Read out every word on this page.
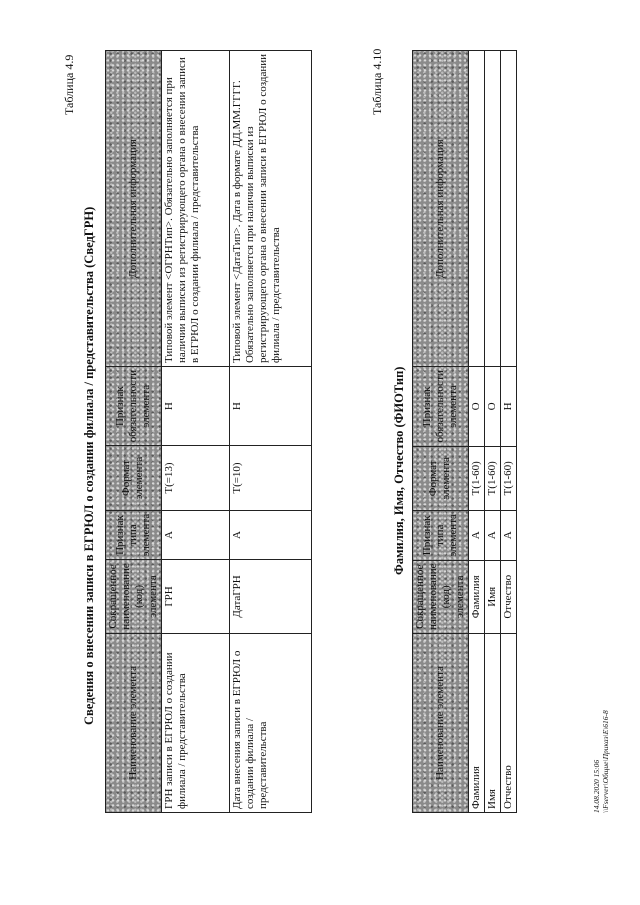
Таблица 4.9
Сведения о внесении записи в ЕГРЮЛ о создании филиала / представительства (СведГРН)	Наименование элемента	Сокращенное наименование (код) элемента	Признак типа элемента	Формат элемента	Признак обязательности элемента	Дополнительная информация
ГРН записи в ЕГРЮЛ о создании филиала / представительства	ГРН	А	T(=13)	Н	Типовой элемент <ОГРНТип>. Обязательно заполняется при наличии выписки из регистрирующего органа о внесении записи в ЕГРЮЛ о создании филиала / представительства
Дата внесения записи в ЕГРЮЛ о создании филиала / представительства	ДатаГРН	А	T(=10)	Н	Типовой элемент <ДатаТип>. Дата в формате ДД.ММ.ГГГГ. Обязательно заполняется при наличии выписки из регистрирующего органа о внесении записи в ЕГРЮЛ о создании филиала / представительства
Таблица 4.10
Фамилия, Имя, Отчество (ФИОТип)
Наименование элемента	Сокращенное наименование (код) элемента	Признак типа элемента	Формат элемента	Признак обязательности элемента	Дополнительная информация
Фамилия	Фамилия	А	T(1-60)	О	
Имя	Имя	А	T(1-60)	О	
Отчество	Отчество	А	T(1-60)	Н	
14.08.2020 15:06 \\Fserver\Общие\Приказ\Е\616-8
